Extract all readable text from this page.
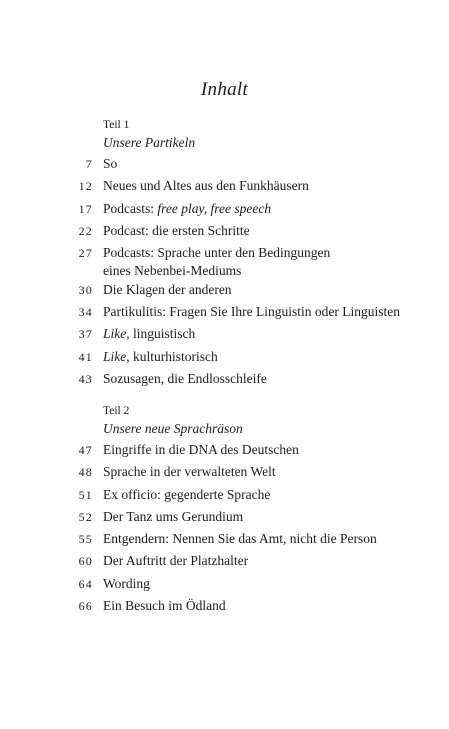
Inhalt
Teil 1
Unsere Partikeln
7 So
12 Neues und Altes aus den Funkhäusern
17 Podcasts: free play, free speech
22 Podcast: die ersten Schritte
27 Podcasts: Sprache unter den Bedingungen
eines Nebenbei-Mediums
30 Die Klagen der anderen
34 Partikulitis: Fragen Sie Ihre Linguistin oder Linguisten
37 Like, linguistisch
41 Like, kulturhistorisch
43 Sozusagen, die Endlosschleife
Teil 2
Unsere neue Sprachräson
47 Eingriffe in die DNA des Deutschen
48 Sprache in der verwalteten Welt
51 Ex officio: gegenderte Sprache
52 Der Tanz ums Gerundium
55 Entgendern: Nennen Sie das Amt, nicht die Person
60 Der Auftritt der Platzhalter
64 Wording
66 Ein Besuch im Ödland
